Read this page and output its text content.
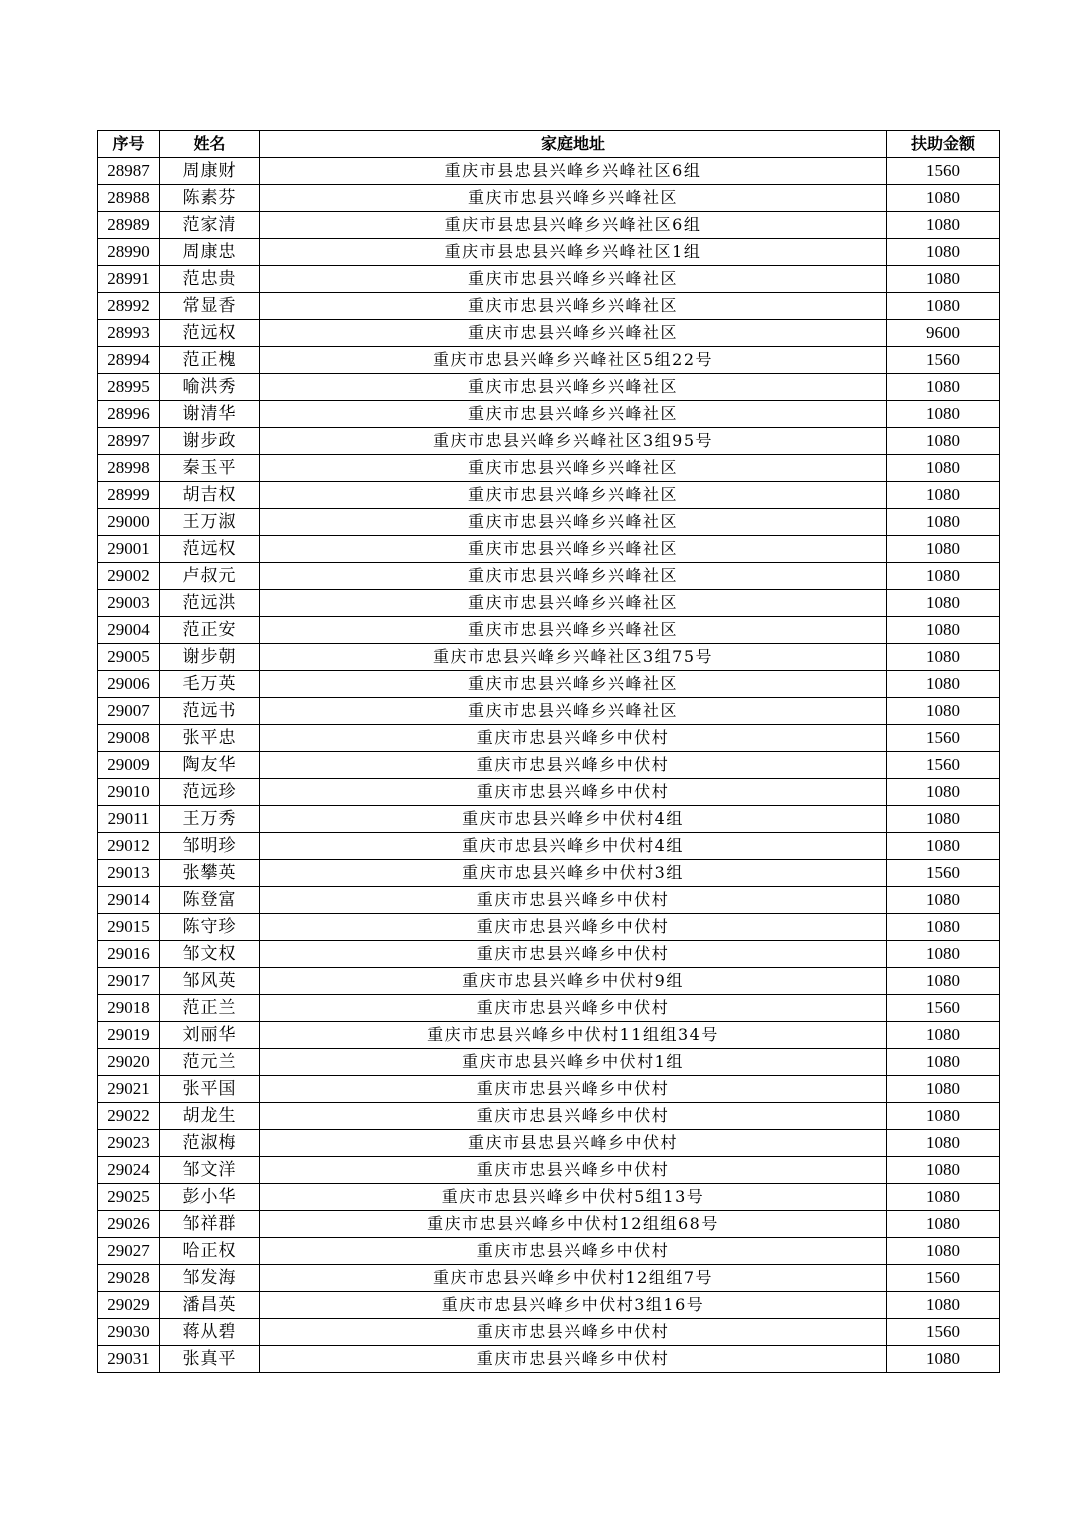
序号	姓名	家庭地址	扶助金额
28987	周康财	重庆市县忠县兴峰乡兴峰社区6组	1560
28988	陈素芬	重庆市忠县兴峰乡兴峰社区	1080
28989	范家清	重庆市县忠县兴峰乡兴峰社区6组	1080
28990	周康忠	重庆市县忠县兴峰乡兴峰社区1组	1080
28991	范忠贵	重庆市忠县兴峰乡兴峰社区	1080
28992	常显香	重庆市忠县兴峰乡兴峰社区	1080
28993	范远权	重庆市忠县兴峰乡兴峰社区	9600
28994	范正槐	重庆市忠县兴峰乡兴峰社区5组22号	1560
28995	喻洪秀	重庆市忠县兴峰乡兴峰社区	1080
28996	谢清华	重庆市忠县兴峰乡兴峰社区	1080
28997	谢步政	重庆市忠县兴峰乡兴峰社区3组95号	1080
28998	秦玉平	重庆市忠县兴峰乡兴峰社区	1080
28999	胡吉权	重庆市忠县兴峰乡兴峰社区	1080
29000	王万淑	重庆市忠县兴峰乡兴峰社区	1080
29001	范远权	重庆市忠县兴峰乡兴峰社区	1080
29002	卢叔元	重庆市忠县兴峰乡兴峰社区	1080
29003	范远洪	重庆市忠县兴峰乡兴峰社区	1080
29004	范正安	重庆市忠县兴峰乡兴峰社区	1080
29005	谢步朝	重庆市忠县兴峰乡兴峰社区3组75号	1080
29006	毛万英	重庆市忠县兴峰乡兴峰社区	1080
29007	范远书	重庆市忠县兴峰乡兴峰社区	1080
29008	张平忠	重庆市忠县兴峰乡中伏村	1560
29009	陶友华	重庆市忠县兴峰乡中伏村	1560
29010	范远珍	重庆市忠县兴峰乡中伏村	1080
29011	王万秀	重庆市忠县兴峰乡中伏村4组	1080
29012	邹明珍	重庆市忠县兴峰乡中伏村4组	1080
29013	张攀英	重庆市忠县兴峰乡中伏村3组	1560
29014	陈登富	重庆市忠县兴峰乡中伏村	1080
29015	陈守珍	重庆市忠县兴峰乡中伏村	1080
29016	邹文权	重庆市忠县兴峰乡中伏村	1080
29017	邹风英	重庆市忠县兴峰乡中伏村9组	1080
29018	范正兰	重庆市忠县兴峰乡中伏村	1560
29019	刘丽华	重庆市忠县兴峰乡中伏村11组组34号	1080
29020	范元兰	重庆市忠县兴峰乡中伏村1组	1080
29021	张平国	重庆市忠县兴峰乡中伏村	1080
29022	胡龙生	重庆市忠县兴峰乡中伏村	1080
29023	范淑梅	重庆市县忠县兴峰乡中伏村	1080
29024	邹文洋	重庆市忠县兴峰乡中伏村	1080
29025	彭小华	重庆市忠县兴峰乡中伏村5组13号	1080
29026	邹祥群	重庆市忠县兴峰乡中伏村12组组68号	1080
29027	哈正权	重庆市忠县兴峰乡中伏村	1080
29028	邹发海	重庆市忠县兴峰乡中伏村12组组7号	1560
29029	潘昌英	重庆市忠县兴峰乡中伏村3组16号	1080
29030	蒋从碧	重庆市忠县兴峰乡中伏村	1560
29031	张真平	重庆市忠县兴峰乡中伏村	1080
